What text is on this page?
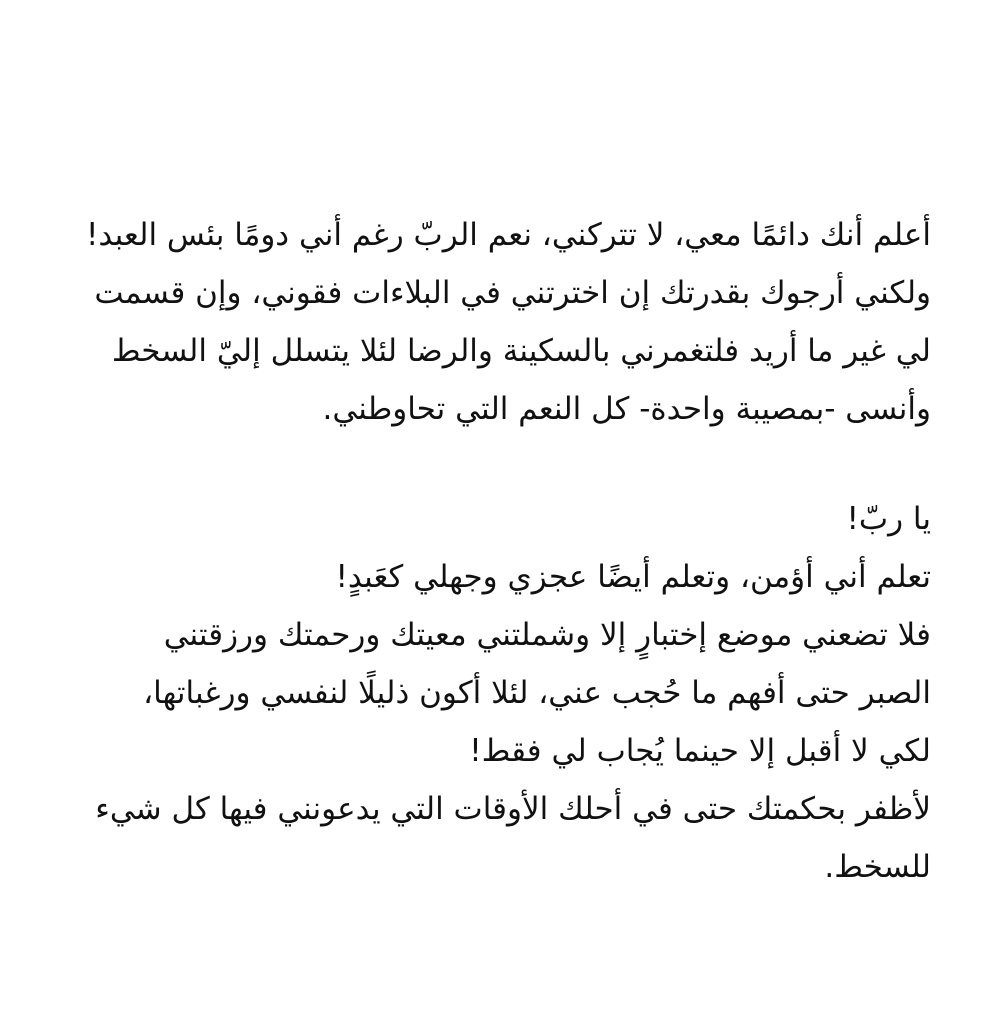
أعلم أنك دائمًا معي، لا تتركني، نعم الربّ رغم أني دومًا بئس العبد!
ولكني أرجوك بقدرتك إن اخترتني في البلاءات فقوني، وإن قسمت
لي غير ما أريد فلتغمرني بالسكينة والرضا لئلا يتسلل إليّ السخط
وأنسى -بمصيبة واحدة- كل النعم التي تحاوطني.
يا ربّ!
تعلم أني أؤمن، وتعلم أيضًا عجزي وجهلي كعَبدٍ!
فلا تضعني موضع إختبارٍ إلا وشملتني معيتك ورحمتك ورزقتني
الصبر حتى أفهم ما حُجب عني، لئلا أكون ذليلًا لنفسي ورغباتها،
لكي لا أقبل إلا حينما يُجاب لي فقط!
لأظفر بحكمتك حتى في أحلك الأوقات التي يدعونني فيها كل شيء
للسخط.
